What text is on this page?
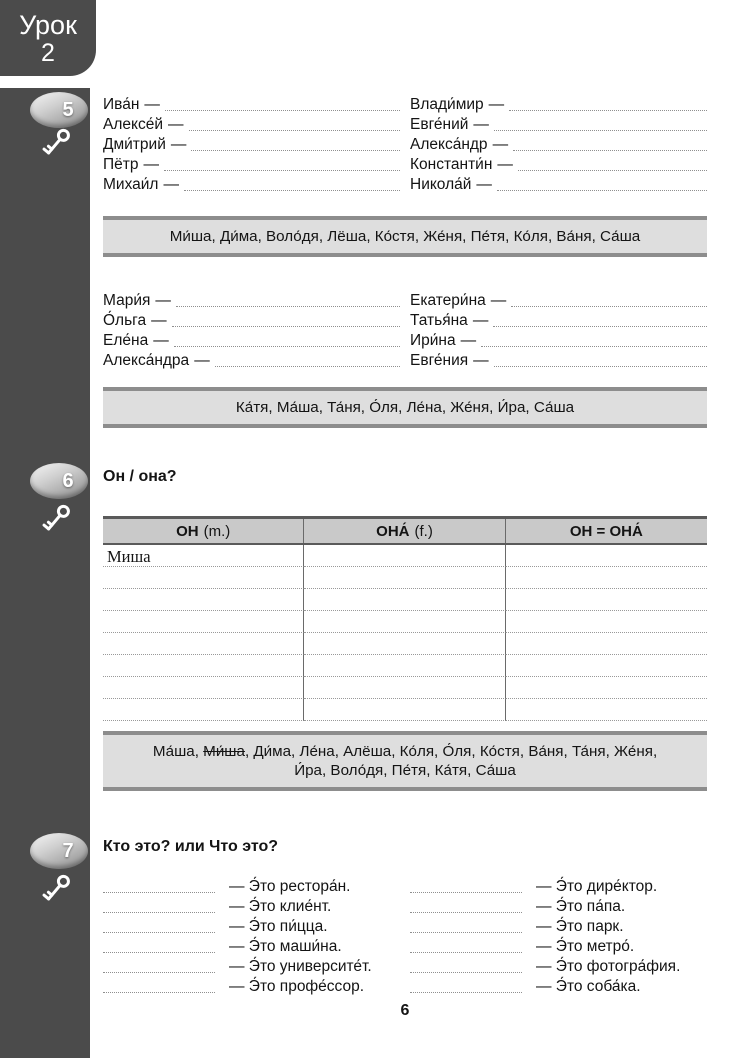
Урок
2
5
6
7
Ива́н —
Алексе́й —
Дми́трий —
Пётр —
Михаи́л —
Влади́мир —
Евге́ний —
Алекса́ндр —
Константи́н —
Никола́й —
Ми́ша, Ди́ма, Воло́дя, Лёша, Ко́стя, Же́ня, Пе́тя, Ко́ля, Ва́ня, Са́ша
Мари́я —
О́льга —
Еле́на —
Алекса́ндра —
Екатери́на —
Татья́на —
Ири́на —
Евге́ния —
Ка́тя, Ма́ша, Та́ня, О́ля, Ле́на, Же́ня, И́ра, Са́ша
Он / она?
ОН (m.)	ОНА́ (f.)	ОН = ОНА́
Миша
Ма́ша, Ми́ша, Ди́ма, Ле́на, Алёша, Ко́ля, О́ля, Ко́стя, Ва́ня, Та́ня, Же́ня,
И́ра, Воло́дя, Пе́тя, Ка́тя, Са́ша
Кто это? или Что это?
— Э́то рестора́н.
— Э́то клие́нт.
— Э́то пи́цца.
— Э́то маши́на.
— Э́то университе́т.
— Э́то профе́ссор.
— Э́то дире́ктор.
— Э́то па́па.
— Э́то парк.
— Э́то метро́.
— Э́то фотогра́фия.
— Э́то соба́ка.
6
